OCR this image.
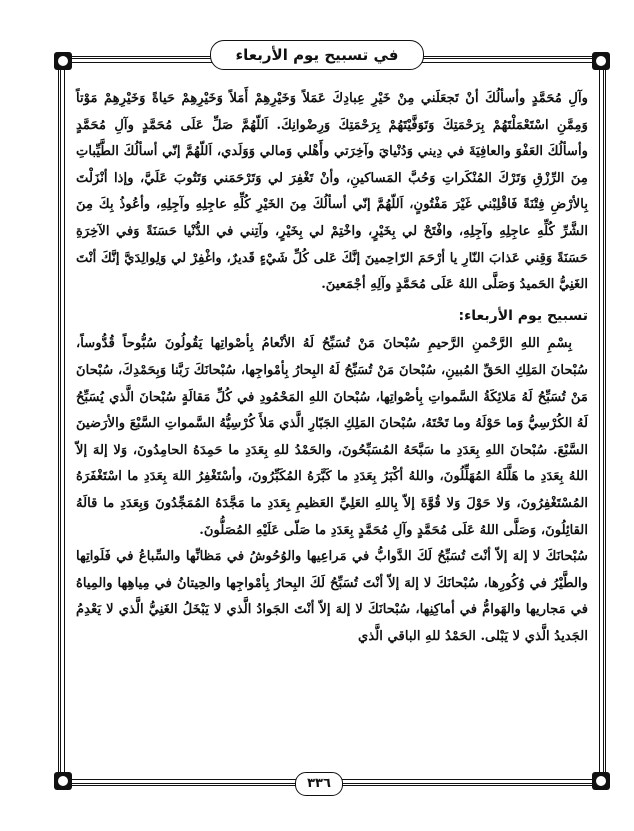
في تسبيح يوم الأربعاء

وآلِ مُحَمَّدٍ وأسألُكَ أنْ تَجعَلَني مِنْ خَيْرِ عِبادِكَ عَمَلاً وَخَيْرِهِمْ أَمَلاً وَخَيْرِهِمْ حَياةً وَخَيْرِهِمْ مَوْتاً وَمِمَّنِ اسْتَعْمَلْتَهُمْ بِرَحْمَتِكَ وَتَوَفَّيْتَهُمْ بِرَحْمَتِكَ وَرِضْوانِكَ. اَللّهُمَّ صَلِّ عَلَى مُحَمَّدٍ وآلِ مُحَمَّدٍ وأسألُكَ العَفْوَ والعافِيَةَ في دِيني وَدُنْيايَ وآخِرَتي وأَهْلي وَمالي وَوَلَدي، اَللّهُمَّ إنّي أسألُكَ الطَّيِّباتِ مِنَ الرِّزْقِ وَتَرْكَ المُنْكَراتِ وَحُبَّ المَساكينِ، وأنْ تَغْفِرَ لي وَتَرْحَمَني وَتَتُوبَ عَلَيَّ، وإذا أنْزَلْتَ بِالأرْضِ فِتْنَةً فَاقْلِبْني غَيْرَ مَفْتُونٍ، اَللّهُمَّ إنّي أسألُكَ مِنَ الخَيْرِ كُلِّهِ عاجِلِهِ وآجِلِهِ، وأعُوذُ بِكَ مِنَ الشَّرِّ كُلِّهِ عاجِلِهِ وآجِلِهِ، وافْتَحْ لي بِخَيْرٍ، واخْتِمْ لي بِخَيْرٍ، وآتِني في الدُّنْيا حَسَنَةً وَفي الآخِرَةِ حَسَنَةً وَقِني عَذابَ النّارِ يا أرْحَمَ الرّاحِمينَ إنَّكَ عَلى كُلِّ شَيْءٍ قَديرٌ، واغْفِرْ لي وَلِوالِدَيَّ إنَّكَ أنْتَ الغَنِيُّ الحَميدُ وَصَلَّى اللهُ عَلَى مُحَمَّدٍ وآلِهِ أجْمَعينَ.

تسبيح يوم الأربعاء:

بِسْمِ اللهِ الرَّحْمنِ الرَّحيمِ سُبْحانَ مَنْ تُسَبِّحُ لَهُ الأنْعامُ بِأصْواتِها يَقُولُونَ سُبُّوحاً قُدُّوساً، سُبْحانَ المَلِكِ الحَقِّ المُبينِ، سُبْحانَ مَنْ تُسَبِّحُ لَهُ البِحارُ بِأمْواجِها، سُبْحانَكَ رَبَّنا وَبِحَمْدِكَ، سُبْحانَ مَنْ تُسَبِّحُ لَهُ مَلائِكَةُ السَّمواتِ بِأصْواتِها، سُبْحانَ اللهِ المَحْمُودِ في كُلِّ مَقالَةٍ سُبْحانَ الَّذي يُسَبِّحُ لَهُ الكُرْسِيُّ وَما حَوْلَهُ وما تَحْتَهُ، سُبْحانَ المَلِكِ الجَبّارِ الَّذي مَلأَ كُرْسِيُّهُ السَّمواتِ السَّبْعَ والأرَضينَ السَّبْعَ. سُبْحانَ اللهِ بِعَدَدِ ما سَبَّحَهُ المُسَبِّحُونَ، والحَمْدُ للهِ بِعَدَدِ ما حَمِدَهُ الحامِدُونَ، وَلا إلهَ إلاّ اللهُ بِعَدَدِ ما هَلَّلَهُ المُهَلِّلُونَ، واللهُ أكْبَرُ بِعَدَدِ ما كَبَّرَهُ المُكَبِّرُونَ، وأسْتَغْفِرُ اللهَ بِعَدَدِ ما اسْتَغْفَرَهُ المُسْتَغْفِرُونَ، وَلا حَوْلَ وَلا قُوَّةَ إلاّ بِاللهِ العَلِيِّ العَظيمِ بِعَدَدِ ما مَجَّدَهُ المُمَجِّدُونَ وَبِعَدَدِ ما قالَهُ القائِلُونَ، وَصَلَّى اللهُ عَلَى مُحَمَّدٍ وآلِ مُحَمَّدٍ بِعَدَدِ ما صَلّى عَلَيْهِ المُصَلُّونَ.

سُبْحانَكَ لا إلهَ إلاّ أنْتَ تُسَبِّحُ لَكَ الدَّوابُّ في مَراعِيها والوُحُوشُ في مَظانِّها والسِّباعُ في فَلَواتِها والطَّيْرُ في وُكُورِها، سُبْحانَكَ لا إلهَ إلاّ أنْتَ تُسَبِّحُ لَكَ البِحارُ بِأمْواجِها والحِيتانُ في مِياهِها والمِياهُ في مَجاريها والهَوامُّ في أماكِنِها، سُبْحانَكَ لا إلهَ إلاّ أنْتَ الجَوادُ الَّذي لا يَبْخَلُ الغَنِيُّ الَّذي لا يَعْدِمُ الجَديدُ الَّذي لا يَبْلى. الحَمْدُ للهِ الباقي الَّذي

٣٣٦
